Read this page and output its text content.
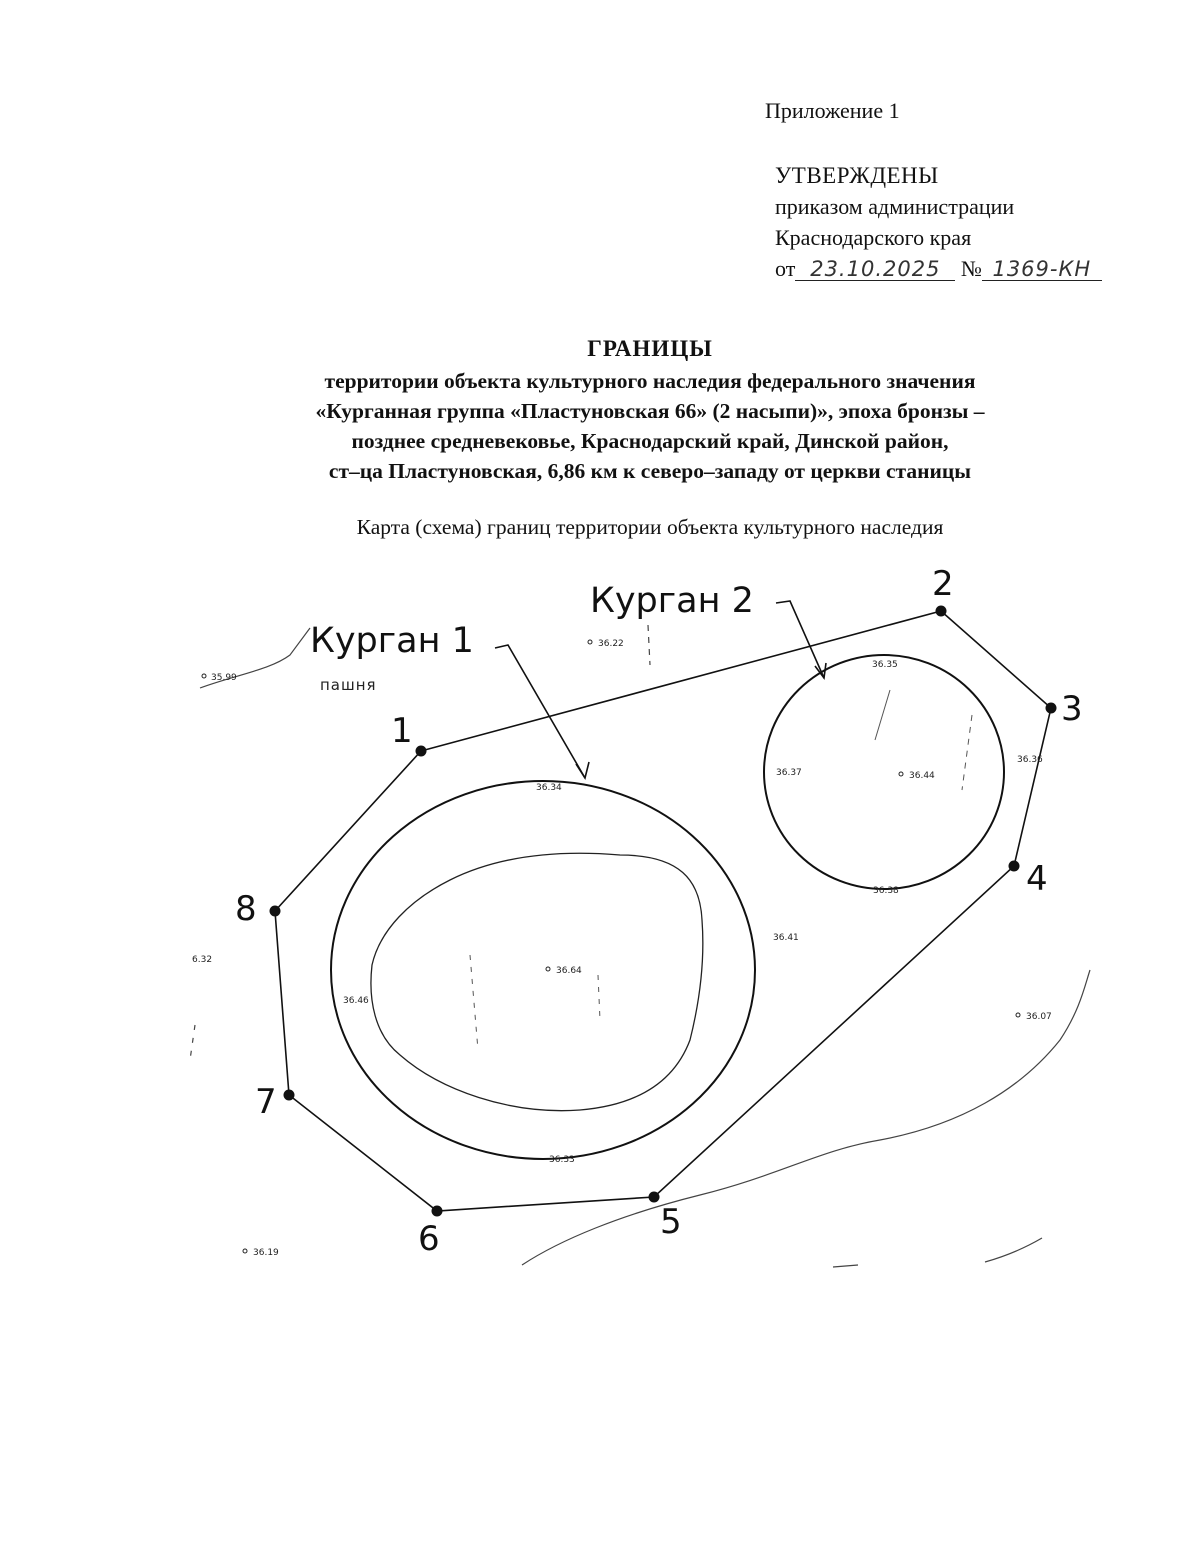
Приложение 1
УТВЕРЖДЕНЫ
приказом администрации
Краснодарского края
от 23.10.2025 № 1369-КН
ГРАНИЦЫ
территории объекта культурного наследия федерального значения
«Курганная группа «Пластуновская 66» (2 насыпи)», эпоха бронзы –
позднее средневековье, Краснодарский край, Динской район,
ст–ца Пластуновская, 6,86 км к северо–западу от церкви станицы
Карта (схема) границ территории объекта культурного наследия
1
2
3
4
5
6
7
8
Курган 1
Курган 2
пашня
36.22
35.99
36.35
36.37	36.44
36.36
36.38
36.34
36.41
36.64
36.46
36.33
36.07
6.32
36.19
